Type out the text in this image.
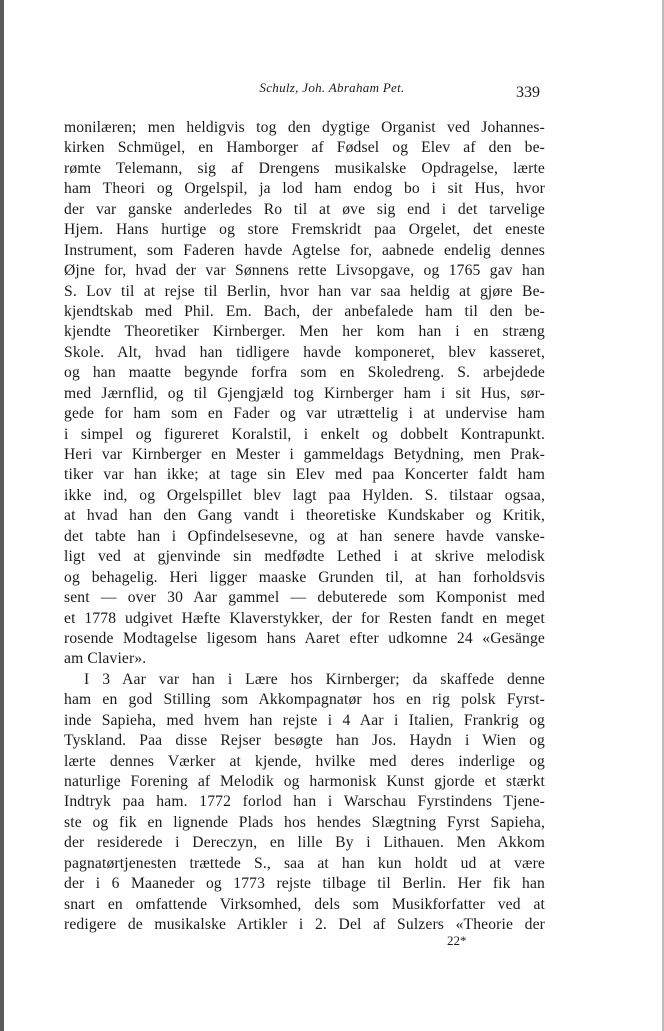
Schulz, Joh. Abraham Pet.	339
monilæren; men heldigvis tog den dygtige Organist ved Johannes-
kirken Schmügel, en Hamborger af Fødsel og Elev af den be-
rømte Telemann, sig af Drengens musikalske Opdragelse, lærte
ham Theori og Orgelspil, ja lod ham endog bo i sit Hus, hvor
der var ganske anderledes Ro til at øve sig end i det tarvelige
Hjem. Hans hurtige og store Fremskridt paa Orgelet, det eneste
Instrument, som Faderen havde Agtelse for, aabnede endelig dennes
Øjne for, hvad der var Sønnens rette Livsopgave, og 1765 gav han
S. Lov til at rejse til Berlin, hvor han var saa heldig at gjøre Be-
kjendtskab med Phil. Em. Bach, der anbefalede ham til den be-
kjendte Theoretiker Kirnberger. Men her kom han i en stræng
Skole. Alt, hvad han tidligere havde komponeret, blev kasseret,
og han maatte begynde forfra som en Skoledreng. S. arbejdede
med Jærnflid, og til Gjengjæld tog Kirnberger ham i sit Hus, sør-
gede for ham som en Fader og var utrættelig i at undervise ham
i simpel og figureret Koralstil, i enkelt og dobbelt Kontrapunkt.
Heri var Kirnberger en Mester i gammeldags Betydning, men Prak-
tiker var han ikke; at tage sin Elev med paa Koncerter faldt ham
ikke ind, og Orgelspillet blev lagt paa Hylden. S. tilstaar ogsaa,
at hvad han den Gang vandt i theoretiske Kundskaber og Kritik,
det tabte han i Opfindelsesevne, og at han senere havde vanske-
ligt ved at gjenvinde sin medfødte Lethed i at skrive melodisk
og behagelig. Heri ligger maaske Grunden til, at han forholdsvis
sent — over 30 Aar gammel — debuterede som Komponist med
et 1778 udgivet Hæfte Klaverstykker, der for Resten fandt en meget
rosende Modtagelse ligesom hans Aaret efter udkomne 24 «Gesänge
am Clavier».
I 3 Aar var han i Lære hos Kirnberger; da skaffede denne
ham en god Stilling som Akkompagnatør hos en rig polsk Fyrst-
inde Sapieha, med hvem han rejste i 4 Aar i Italien, Frankrig og
Tyskland. Paa disse Rejser besøgte han Jos. Haydn i Wien og
lærte dennes Værker at kjende, hvilke med deres inderlige og
naturlige Forening af Melodik og harmonisk Kunst gjorde et stærkt
Indtryk paa ham. 1772 forlod han i Warschau Fyrstindens Tjene-
ste og fik en lignende Plads hos hendes Slægtning Fyrst Sapieha,
der residerede i Dereczyn, en lille By i Lithauen. Men Akkom
pagnatørtjenesten trættede S., saa at han kun holdt ud at være
der i 6 Maaneder og 1773 rejste tilbage til Berlin. Her fik han
snart en omfattende Virksomhed, dels som Musikforfatter ved at
redigere de musikalske Artikler i 2. Del af Sulzers «Theorie der
22*
